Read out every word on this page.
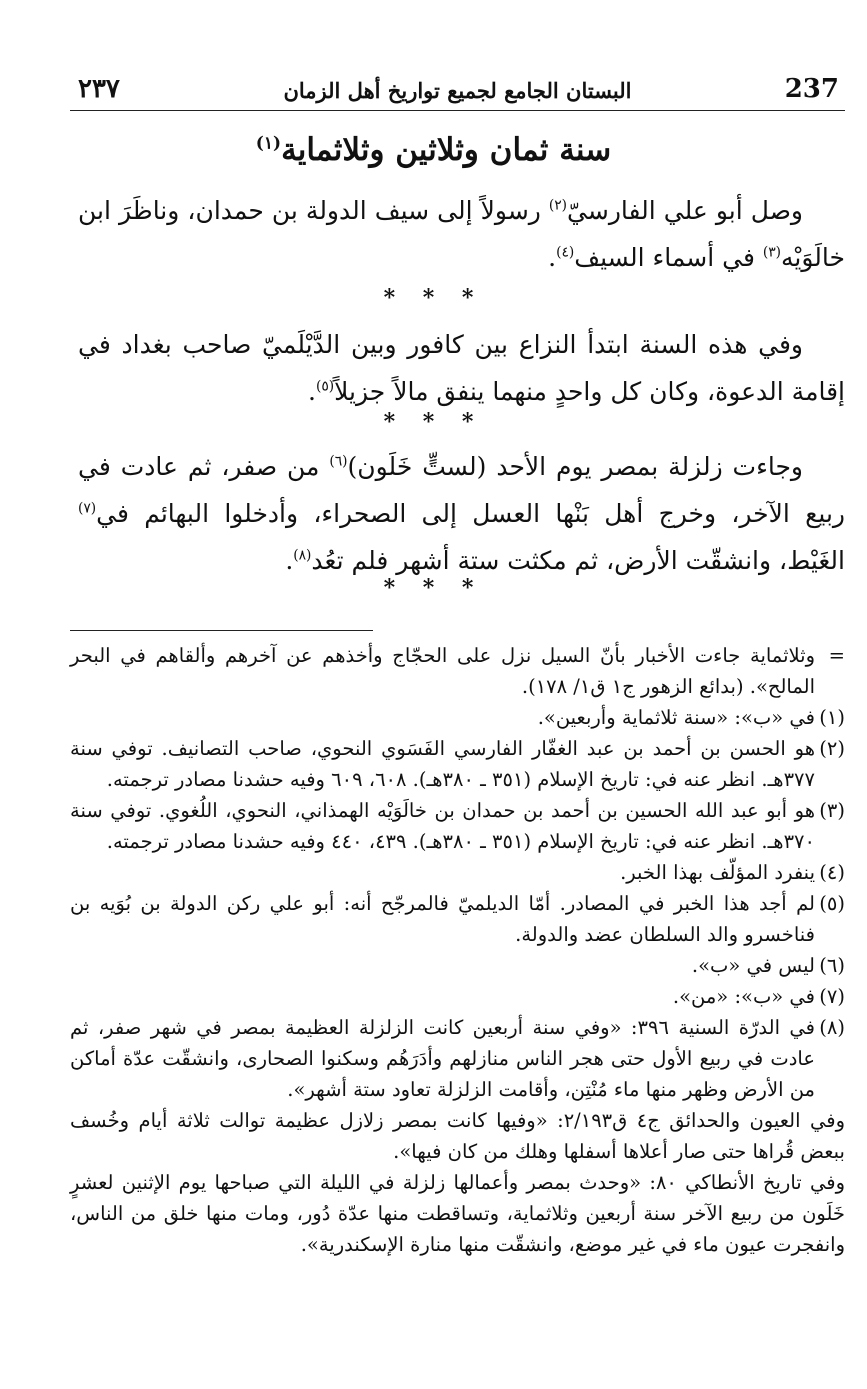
237
البستان الجامع لجميع تواريخ أهل الزمان
٢٣٧
سنة ثمان وثلاثين وثلاثماية$^{(١)}$
وصل أبو علي الفارسيّ$^{(٢)}$ رسولاً إلى سيف الدولة بن حمدان، وناظَرَ ابن خالَوَيْه$^{(٣)}$ في أسماء السيف$^{(٤)}$.
* * *
وفي هذه السنة ابتدأ النزاع بين كافور وبين الدَّيْلَميّ صاحب بغداد في إقامة الدعوة، وكان كل واحدٍ منهما ينفق مالاً جزيلاً$^{(٥)}$.
* * *
وجاءت زلزلة بمصر يوم الأحد (لستٍّ خَلَون)$^{(٦)}$ من صفر، ثم عادت في ربيع الآخر، وخرج أهل بَنْها العسل إلى الصحراء، وأدخلوا البهائم في$^{(٧)}$ الغَيْط، وانشقّت الأرض، ثم مكثت ستة أشهر فلم تعُد$^{(٨)}$.
* * *

=
وثلاثماية جاءت الأخبار بأنّ السيل نزل على الحجّاج وأخذهم عن آخرهم وألقاهم في البحر المالح». (بدائع الزهور ج١ ق١/ ١٧٨).

(١)
في «ب»: «سنة ثلاثماية وأربعين».

(٢)
هو الحسن بن أحمد بن عبد الغفّار الفارسي الفَسَوي النحوي، صاحب التصانيف. توفي سنة ٣٧٧هـ. انظر عنه في: تاريخ الإسلام (٣٥١ ـ ٣٨٠هـ). ٦٠٨، ٦٠٩ وفيه حشدنا مصادر ترجمته.

(٣)
هو أبو عبد الله الحسين بن أحمد بن حمدان بن خالَوَيْه الهمذاني، النحوي، اللُغوي. توفي سنة ٣٧٠هـ. انظر عنه في: تاريخ الإسلام (٣٥١ ـ ٣٨٠هـ). ٤٣٩، ٤٤٠ وفيه حشدنا مصادر ترجمته.

(٤)
ينفرد المؤلّف بهذا الخبر.

(٥)
لم أجد هذا الخبر في المصادر. أمّا الديلميّ فالمرجّح أنه: أبو علي ركن الدولة بن بُوَيه بن فناخسرو والد السلطان عضد والدولة.

(٦)
ليس في «ب».

(٧)
في «ب»: «من».

(٨)
في الدرّة السنية ٣٩٦: «وفي سنة أربعين كانت الزلزلة العظيمة بمصر في شهر صفر، ثم عادت في ربيع الأول حتى هجر الناس منازلهم وأدَرَهُم وسكنوا الصحارى، وانشقّت عدّة أماكن من الأرض وظهر منها ماء مُنْتِن، وأقامت الزلزلة تعاود ستة أشهر».

وفي العيون والحدائق ج٤ ق٢/١٩٣: «وفيها كانت بمصر زلازل عظيمة توالت ثلاثة أيام وخُسف ببعض قُراها حتى صار أعلاها أسفلها وهلك من كان فيها».

وفي تاريخ الأنطاكي ٨٠: «وحدث بمصر وأعمالها زلزلة في الليلة التي صباحها يوم الإثنين لعشرٍ خَلَون من ربيع الآخر سنة أربعين وثلاثماية، وتساقطت منها عدّة دُور، ومات منها خلق من الناس، وانفجرت عيون ماء في غير موضع، وانشقّت منها منارة الإسكندرية».
